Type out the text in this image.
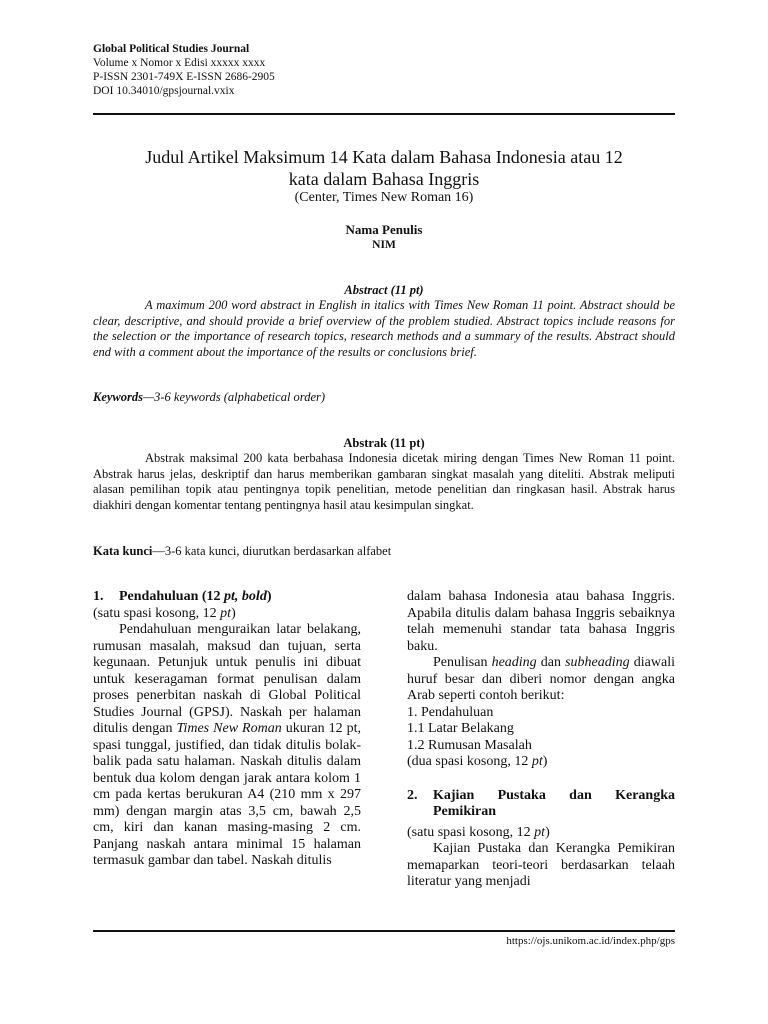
Global Political Studies Journal
Volume x Nomor x Edisi xxxxx xxxx
P-ISSN 2301-749X E-ISSN 2686-2905
DOI 10.34010/gpsjournal.vxix
Judul Artikel Maksimum 14 Kata dalam Bahasa Indonesia atau 12
kata dalam Bahasa Inggris
(Center, Times New Roman 16)
Nama Penulis
NIM
Abstract (11 pt)
A maximum 200 word abstract in English in italics with Times New Roman 11 point. Abstract should be clear, descriptive, and should provide a brief overview of the problem studied. Abstract topics include reasons for the selection or the importance of research topics, research methods and a summary of the results. Abstract should end with a comment about the importance of the results or conclusions brief.
Keywords—3-6 keywords (alphabetical order)
Abstrak (11 pt)
Abstrak maksimal 200 kata berbahasa Indonesia dicetak miring dengan Times New Roman 11 point. Abstrak harus jelas, deskriptif dan harus memberikan gambaran singkat masalah yang diteliti. Abstrak meliputi alasan pemilihan topik atau pentingnya topik penelitian, metode penelitian dan ringkasan hasil. Abstrak harus diakhiri dengan komentar tentang pentingnya hasil atau kesimpulan singkat.
Kata kunci—3-6 kata kunci, diurutkan berdasarkan alfabet
1.	Pendahuluan (12 pt, bold)

(satu spasi kosong, 12 pt)

Pendahuluan menguraikan latar belakang, rumusan masalah, maksud dan tujuan, serta kegunaan. Petunjuk untuk penulis ini dibuat untuk keseragaman format penulisan dalam proses penerbitan naskah di Global Political Studies Journal (GPSJ). Naskah per halaman ditulis dengan Times New Roman ukuran 12 pt, spasi tunggal, justified, dan tidak ditulis bolak-balik pada satu halaman. Naskah ditulis dalam bentuk dua kolom dengan jarak antara kolom 1 cm pada kertas berukuran A4 (210 mm x 297 mm) dengan margin atas 3,5 cm, bawah 2,5 cm, kiri dan kanan masing-masing 2 cm. Panjang naskah antara minimal 15 halaman termasuk gambar dan tabel. Naskah ditulis

dalam bahasa Indonesia atau bahasa Inggris. Apabila ditulis dalam bahasa Inggris sebaiknya telah memenuhi standar tata bahasa Inggris baku.

Penulisan heading dan subheading diawali huruf besar dan diberi nomor dengan angka Arab seperti contoh berikut:

1. Pendahuluan

1.1 Latar Belakang

1.2 Rumusan Masalah

(dua spasi kosong, 12 pt)

2.	Kajian Pustaka dan Kerangka Pemikiran

(satu spasi kosong, 12 pt)

Kajian Pustaka dan Kerangka Pemikiran memaparkan teori-teori berdasarkan telaah literatur yang menjadi

https://ojs.unikom.ac.id/index.php/gps
